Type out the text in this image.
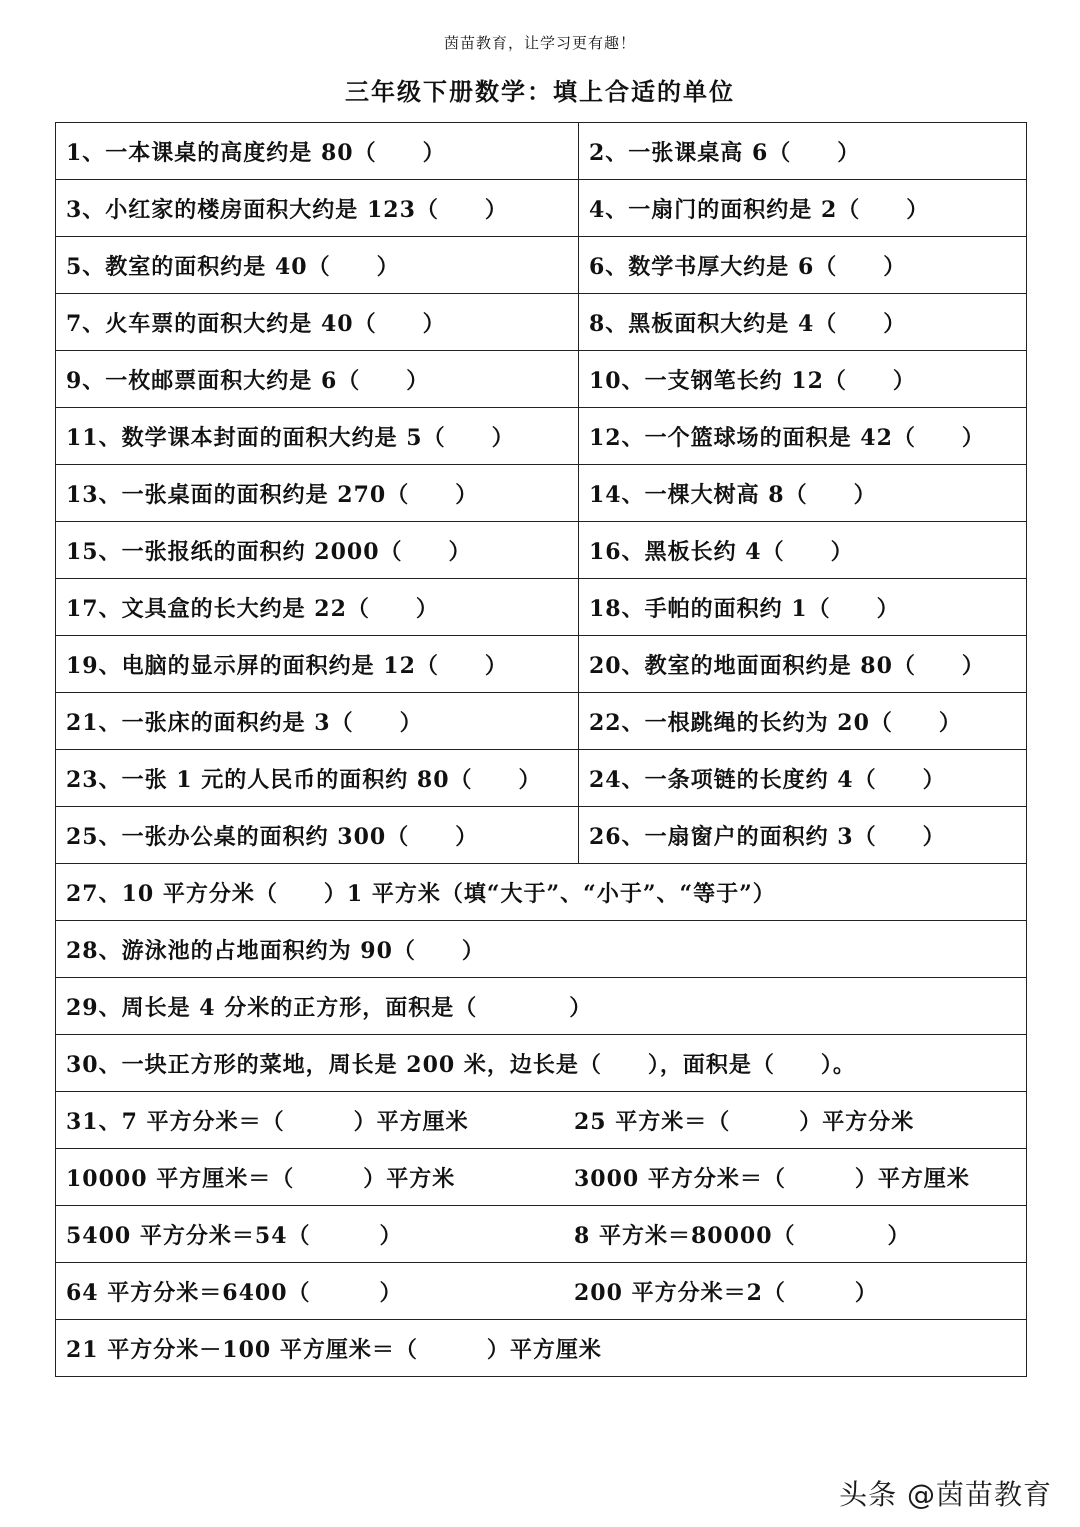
茵苗教育，让学习更有趣！
三年级下册数学：填上合适的单位
1、一本课桌的高度约是 80（　　）	2、一张课桌高 6（　　）
3、小红家的楼房面积大约是 123（　　）	4、一扇门的面积约是 2（　　）
5、教室的面积约是 40（　　）	6、数学书厚大约是 6（　　）
7、火车票的面积大约是 40（　　）	8、黑板面积大约是 4（　　）
9、一枚邮票面积大约是 6（　　）	10、一支钢笔长约 12（　　）
11、数学课本封面的面积大约是 5（　　）	12、一个篮球场的面积是 42（　　）
13、一张桌面的面积约是 270（　　）	14、一棵大树高 8（　　）
15、一张报纸的面积约 2000（　　）	16、黑板长约 4（　　）
17、文具盒的长大约是 22（　　）	18、手帕的面积约 1（　　）
19、电脑的显示屏的面积约是 12（　　）	20、教室的地面面积约是 80（　　）
21、一张床的面积约是 3（　　）	22、一根跳绳的长约为 20（　　）
23、一张 1 元的人民币的面积约 80（　　）	24、一条项链的长度约 4（　　）
25、一张办公桌的面积约 300（　　）	26、一扇窗户的面积约 3（　　）
27、10 平方分米（　　）1 平方米（填“大于”、“小于”、“等于”）
28、游泳池的占地面积约为 90（　　）
29、周长是 4 分米的正方形，面积是（　　　　）
30、一块正方形的菜地，周长是 200 米，边长是（　　），面积是（　　）。
31、7 平方分米＝（　　　）平方厘米	25 平方米＝（　　　）平方分米
10000 平方厘米＝（　　　）平方米	3000 平方分米＝（　　　）平方厘米
5400 平方分米＝54（　　　）	8 平方米＝80000（　　　　）
64 平方分米＝6400（　　　）	200 平方分米＝2（　　　）
21 平方分米－100 平方厘米＝（　　　）平方厘米
头条 @茵苗教育
